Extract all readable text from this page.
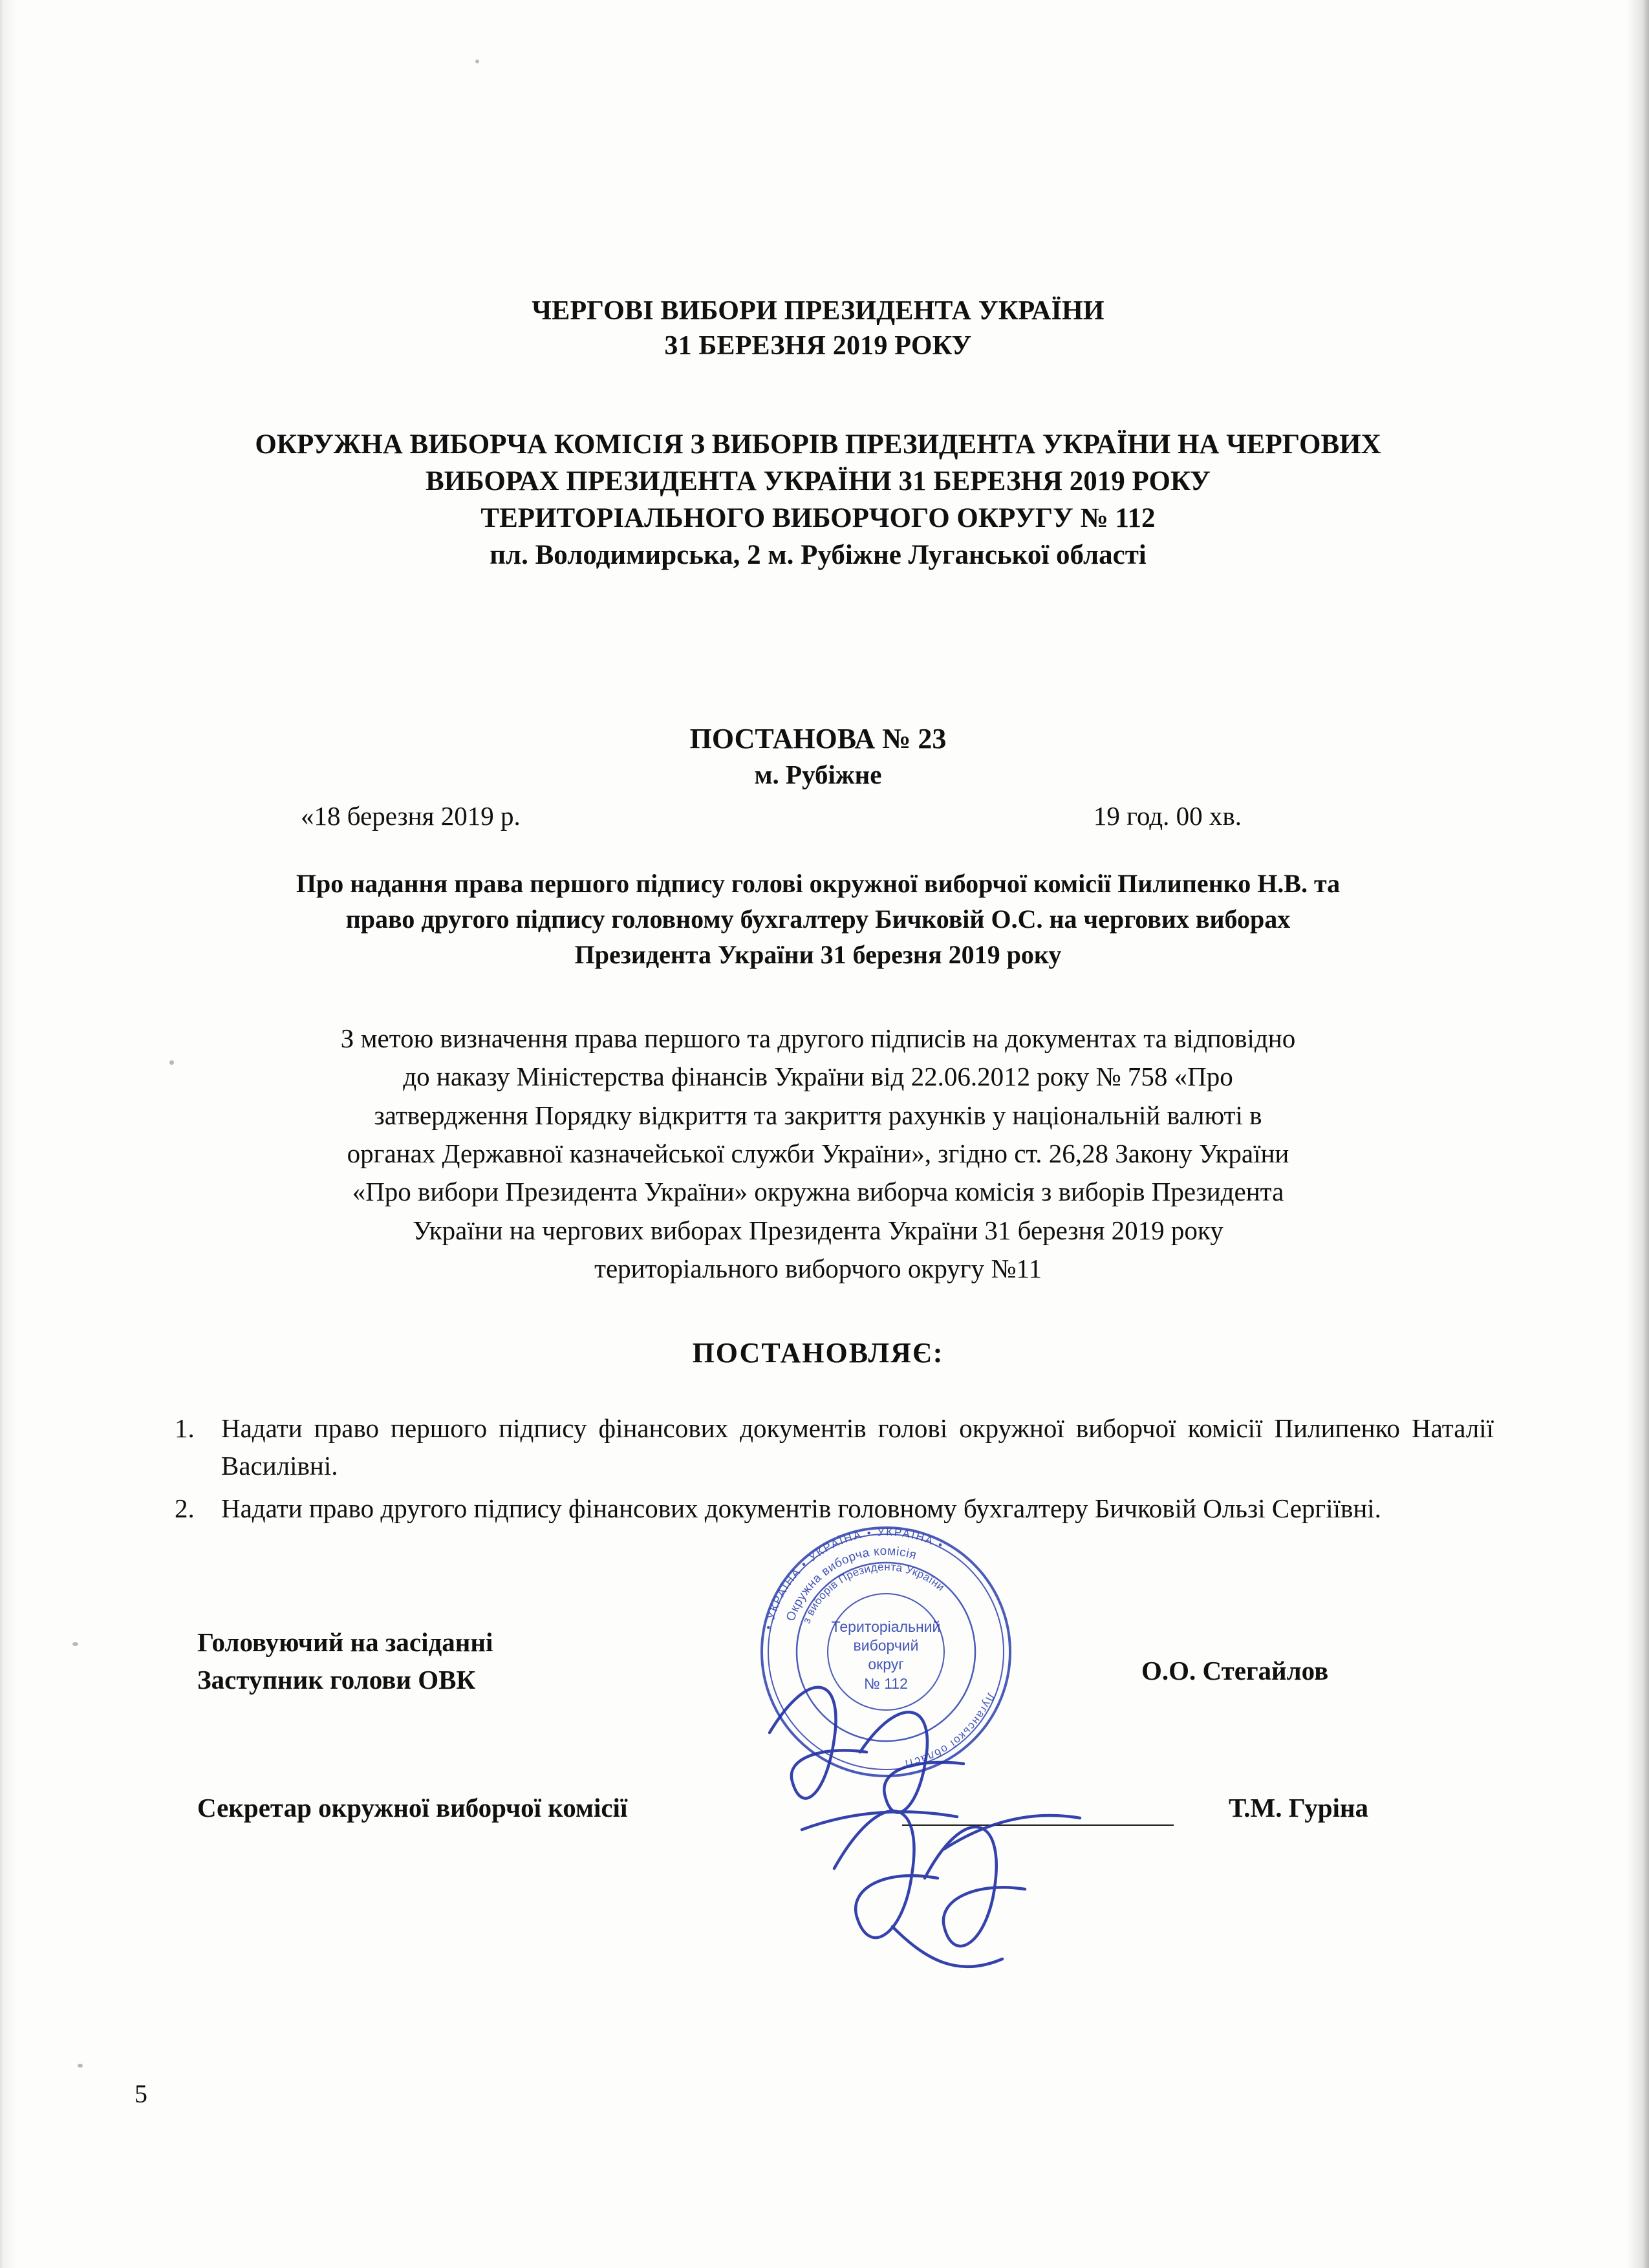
ЧЕРГОВІ ВИБОРИ ПРЕЗИДЕНТА УКРАЇНИ
31 БЕРЕЗНЯ 2019 РОКУ
ОКРУЖНА ВИБОРЧА КОМІСІЯ З ВИБОРІВ ПРЕЗИДЕНТА УКРАЇНИ НА ЧЕРГОВИХ
ВИБОРАХ ПРЕЗИДЕНТА УКРАЇНИ 31 БЕРЕЗНЯ 2019 РОКУ
ТЕРИТОРІАЛЬНОГО ВИБОРЧОГО ОКРУГУ № 112
пл. Володимирська, 2 м. Рубіжне Луганської області
ПОСТАНОВА № 23
м. Рубіжне
«18 березня 2019 р.	19 год. 00 хв.
Про надання права першого підпису голові окружної виборчої комісії Пилипенко Н.В. та
право другого підпису головному бухгалтеру Бичковій О.С. на чергових виборах
Президента України 31 березня 2019 року
З метою визначення права першого та другого підписів на документах та відповідно
до наказу Міністерства фінансів України від 22.06.2012 року № 758 «Про
затвердження Порядку відкриття та закриття рахунків у національній валюті в
органах Державної казначейської служби України», згідно ст. 26,28 Закону України
«Про вибори Президента України» окружна виборча комісія з виборів Президента
України на чергових виборах Президента України 31 березня 2019 року
територіального виборчого округу №11
ПОСТАНОВЛЯЄ:
1. Надати право першого підпису фінансових документів голові окружної виборчої комісії Пилипенко Наталії Василівні.
2. Надати право другого підпису фінансових документів головному бухгалтеру Бичковій Ользі Сергіївні.
Головуючий на засіданні
Заступник голови ОВК	О.О. Стегайлов
Секретар окружної виборчої комісії	Т.М. Гуріна
• УКРАЇНА • УКРАЇНА • УКРАЇНА •
Окружна виборча комісія
з виборів Президента України
Луганської області
Територіальний
виборчий
округ
№ 112
5
